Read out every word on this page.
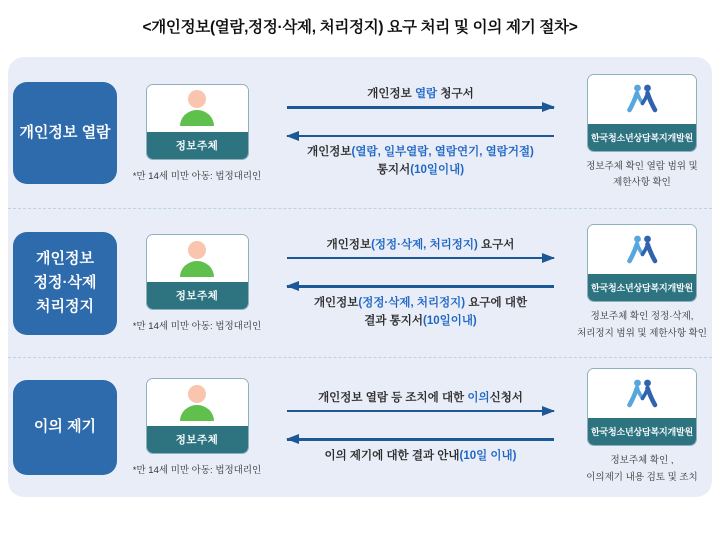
<개인정보(열람,정정·삭제, 처리정지) 요구 처리 및 이의 제기 절차>
개인정보 열람
정보주체
*만 14세 미만 아동: 법정대리인
개인정보 열람 청구서
개인정보(열람, 일부열람, 열람연기, 열람거절)
통지서(10일이내)
한국청소년상담복지개발원
정보주체 확인 열람 범위 및
제한사항 확인
개인정보
정정·삭제
처리정지
정보주체
*만 14세 미만 아동: 법정대리인
개인정보(정정·삭제, 처리정지) 요구서
개인정보(정정·삭제, 처리정지) 요구에 대한
결과 통지서(10일이내)
한국청소년상담복지개발원
정보주체 확인 정정·삭제,
처리정지 범위 및 제한사항 확인
이의 제기
정보주체
*만 14세 미만 아동: 법정대리인
개인정보 열람 등 조치에 대한 이의신청서
이의 제기에 대한 결과 안내(10일 이내)
한국청소년상담복지개발원
정보주체 확인 ,
이의제기 내용 검토 및 조치
